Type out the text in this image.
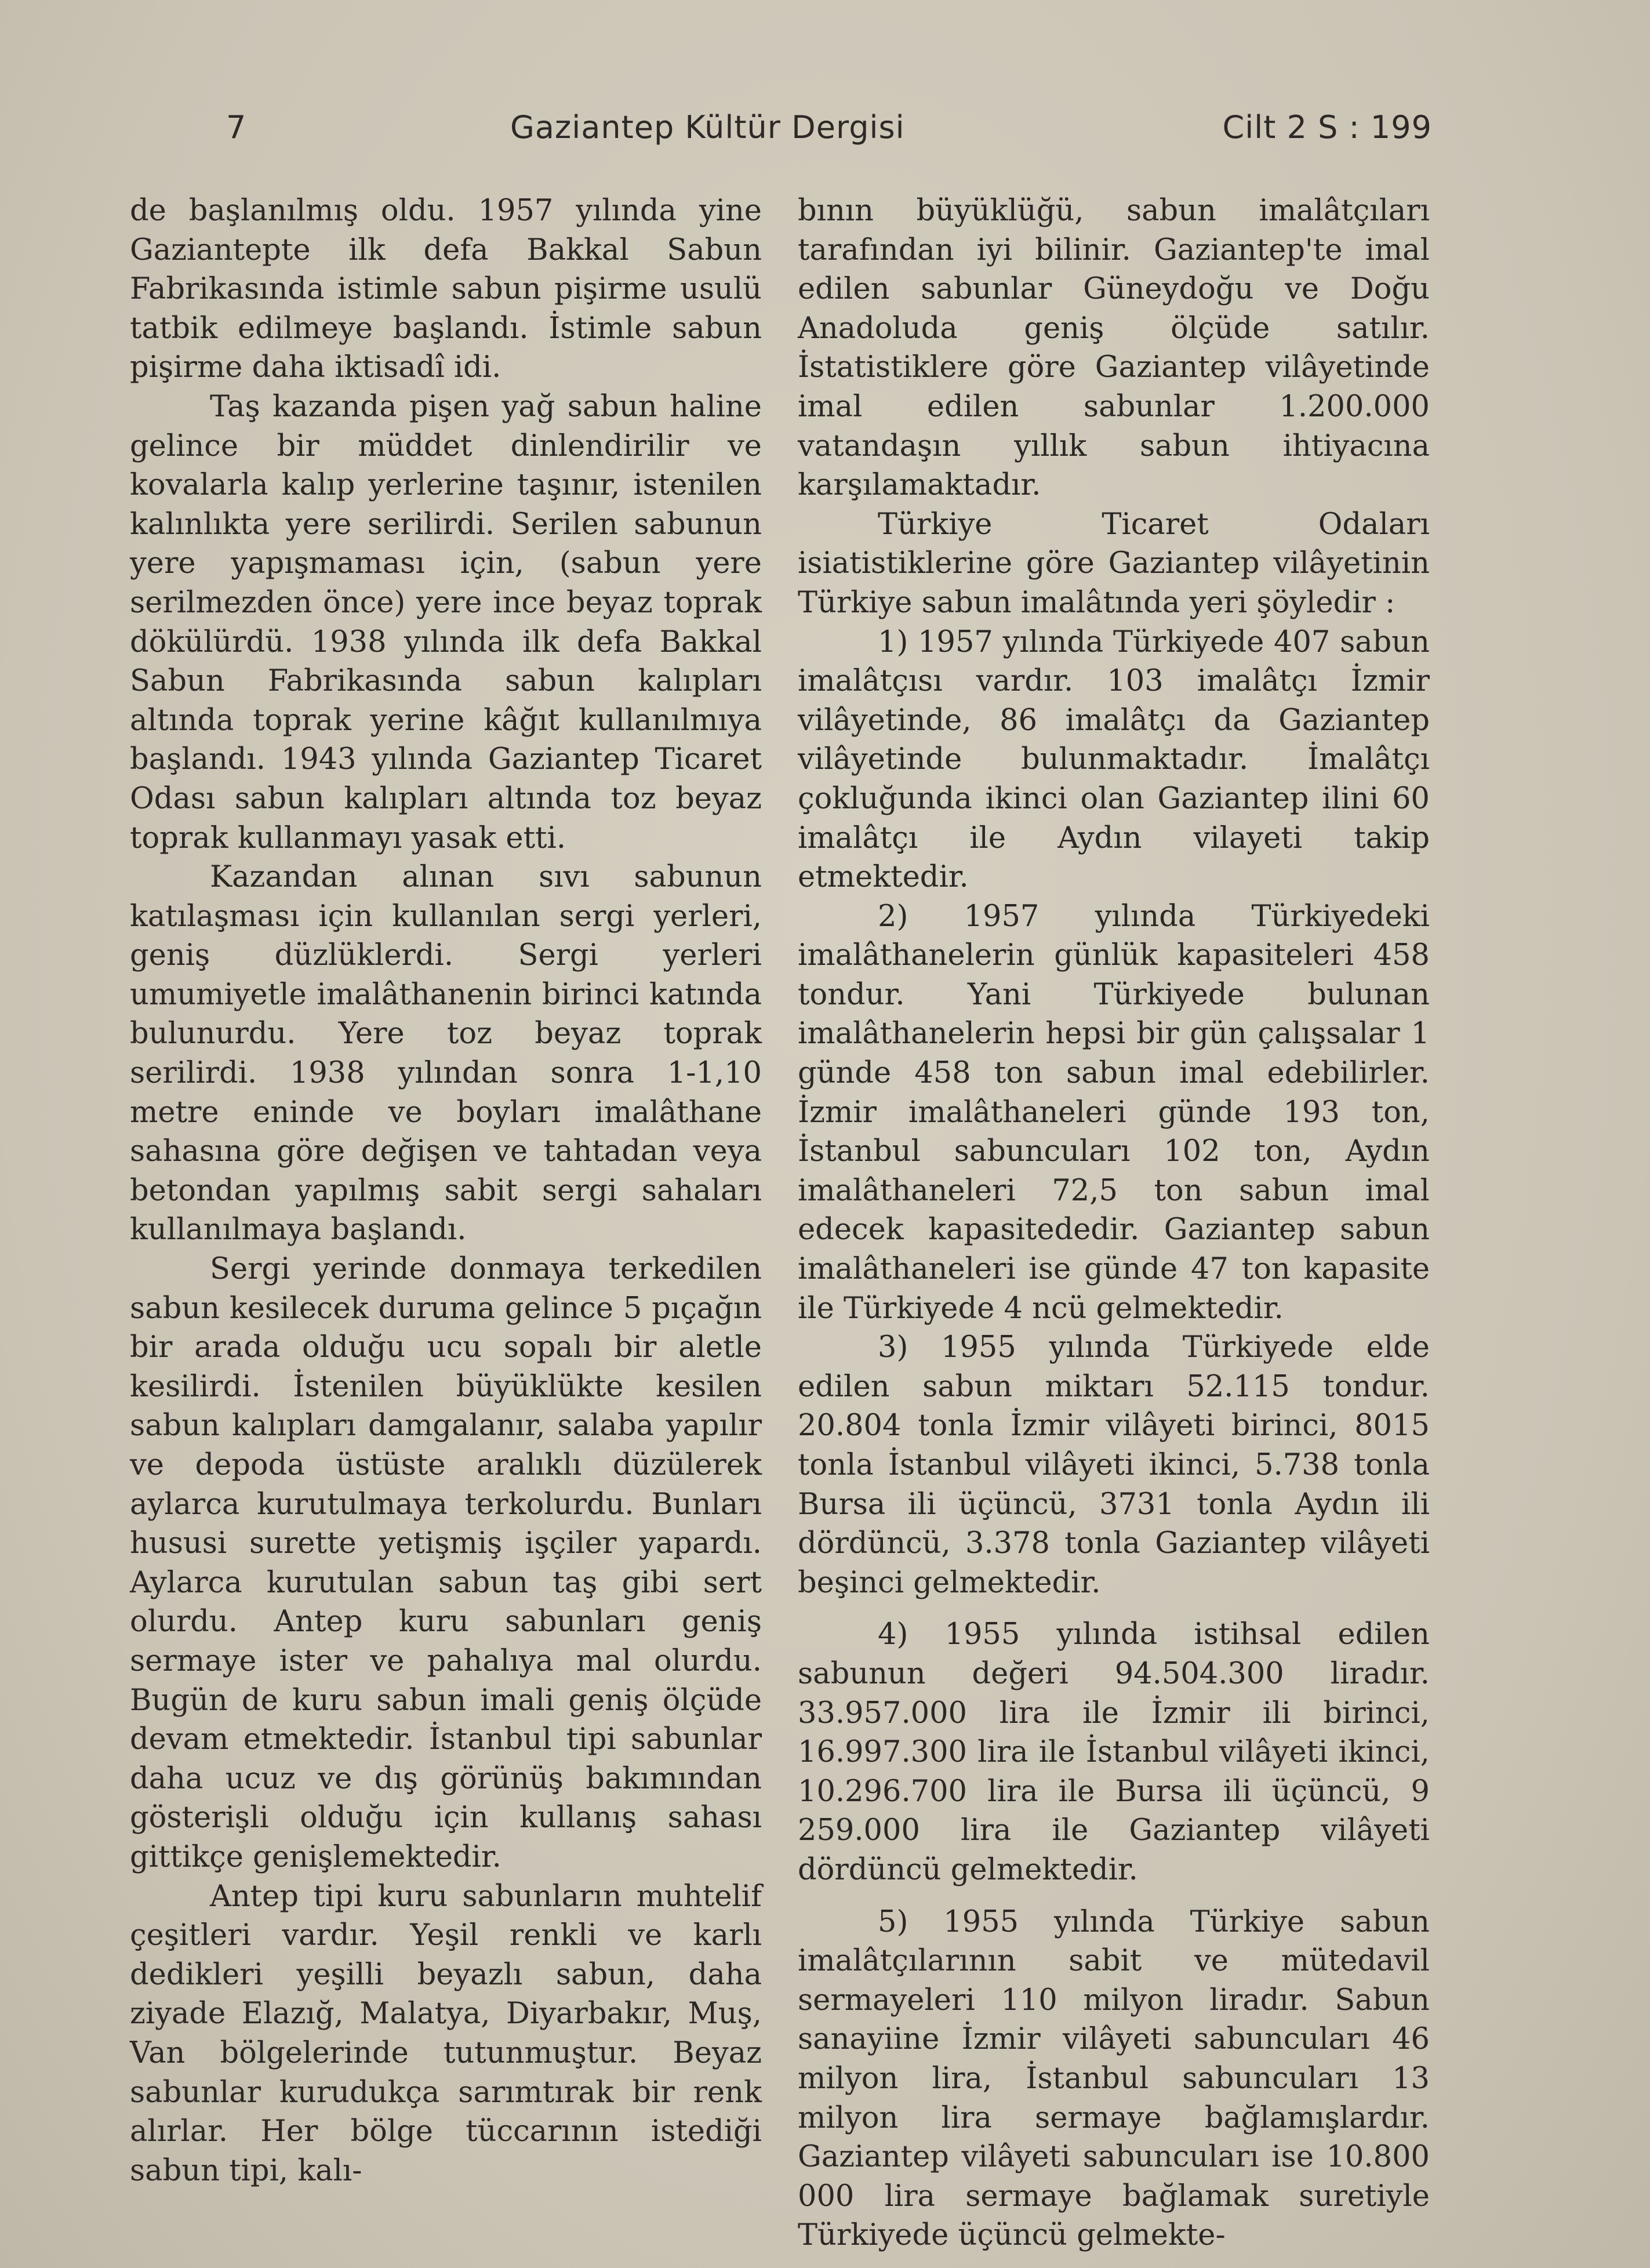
7	Gaziantep Kültür Dergisi	Cilt 2 S : 199

de başlanılmış oldu. 1957 yılında yine Gaziantepte ilk defa Bakkal Sabun Fabrikasında istimle sabun pişirme usulü tatbik edilmeye başlandı. İstimle sabun pişirme daha iktisadî idi.

Taş kazanda pişen yağ sabun haline gelince bir müddet dinlendirilir ve kovalarla kalıp yerlerine taşınır, istenilen kalınlıkta yere serilirdi. Serilen sabunun yere yapışmaması için, (sabun yere serilmezden önce) yere ince beyaz toprak dökülürdü. 1938 yılında ilk defa Bakkal Sabun Fabrikasında sabun kalıpları altında toprak yerine kâğıt kullanılmıya başlandı. 1943 yılında Gaziantep Ticaret Odası sabun kalıpları altında toz beyaz toprak kullanmayı yasak etti.

Kazandan alınan sıvı sabunun katılaşması için kullanılan sergi yerleri, geniş düzlüklerdi. Sergi yerleri umumiyetle imalâthanenin birinci katında bulunurdu. Yere toz beyaz toprak serilirdi. 1938 yılından sonra 1-1,10 metre eninde ve boyları imalâthane sahasına göre değişen ve tahtadan veya betondan yapılmış sabit sergi sahaları kullanılmaya başlandı.

Sergi yerinde donmaya terkedilen sabun kesilecek duruma gelince 5 pıçağın bir arada olduğu ucu sopalı bir aletle kesilirdi. İstenilen büyüklükte kesilen sabun kalıpları damgalanır, salaba yapılır ve depoda üstüste aralıklı düzülerek aylarca kurutulmaya terkolurdu. Bunları hususi surette yetişmiş işçiler yapardı. Aylarca kurutulan sabun taş gibi sert olurdu. Antep kuru sabunları geniş sermaye ister ve pahalıya mal olurdu. Bugün de kuru sabun imali geniş ölçüde devam etmektedir. İstanbul tipi sabunlar daha ucuz ve dış görünüş bakımından gösterişli olduğu için kullanış sahası gittikçe genişlemektedir.

Antep tipi kuru sabunların muhtelif çeşitleri vardır. Yeşil renkli ve karlı dedikleri yeşilli beyazlı sabun, daha ziyade Elazığ, Malatya, Diyarbakır, Muş, Van bölgelerinde tutunmuştur. Beyaz sabunlar kurudukça sarımtırak bir renk alırlar. Her bölge tüccarının istediği sabun tipi, kalı-

bının büyüklüğü, sabun imalâtçıları tarafından iyi bilinir. Gaziantep'te imal edilen sabunlar Güneydoğu ve Doğu Anadoluda geniş ölçüde satılır. İstatistiklere göre Gaziantep vilâyetinde imal edilen sabunlar 1.200.000 vatandaşın yıllık sabun ihtiyacına karşılamaktadır.

Türkiye Ticaret Odaları isiatistiklerine göre Gaziantep vilâyetinin Türkiye sabun imalâtında yeri şöyledir :

1) 1957 yılında Türkiyede 407 sabun imalâtçısı vardır. 103 imalâtçı İzmir vilâyetinde, 86 imalâtçı da Gaziantep vilâyetinde bulunmaktadır. İmalâtçı çokluğunda ikinci olan Gaziantep ilini 60 imalâtçı ile Aydın vilayeti takip etmektedir.

2) 1957 yılında Türkiyedeki imalâthanelerin günlük kapasiteleri 458 tondur. Yani Türkiyede bulunan imalâthanelerin hepsi bir gün çalışsalar 1 günde 458 ton sabun imal edebilirler. İzmir imalâthaneleri günde 193 ton, İstanbul sabuncuları 102 ton, Aydın imalâthaneleri 72,5 ton sabun imal edecek kapasitededir. Gaziantep sabun imalâthaneleri ise günde 47 ton kapasite ile Türkiyede 4 ncü gelmektedir.

3) 1955 yılında Türkiyede elde edilen sabun miktarı 52.115 tondur. 20.804 tonla İzmir vilâyeti birinci, 8015 tonla İstanbul vilâyeti ikinci, 5.738 tonla Bursa ili üçüncü, 3731 tonla Aydın ili dördüncü, 3.378 tonla Gaziantep vilâyeti beşinci gelmektedir.

4) 1955 yılında istihsal edilen sabunun değeri 94.504.300 liradır. 33.957.000 lira ile İzmir ili birinci, 16.997.300 lira ile İstanbul vilâyeti ikinci, 10.296.700 lira ile Bursa ili üçüncü, 9 259.000 lira ile Gaziantep vilâyeti dördüncü gelmektedir.

5) 1955 yılında Türkiye sabun imalâtçılarının sabit ve mütedavil sermayeleri 110 milyon liradır. Sabun sanayiine İzmir vilâyeti sabuncuları 46 milyon lira, İstanbul sabuncuları 13 milyon lira sermaye bağlamışlardır. Gaziantep vilâyeti sabuncuları ise 10.800 000 lira sermaye bağlamak suretiyle Türkiyede üçüncü gelmekte-
